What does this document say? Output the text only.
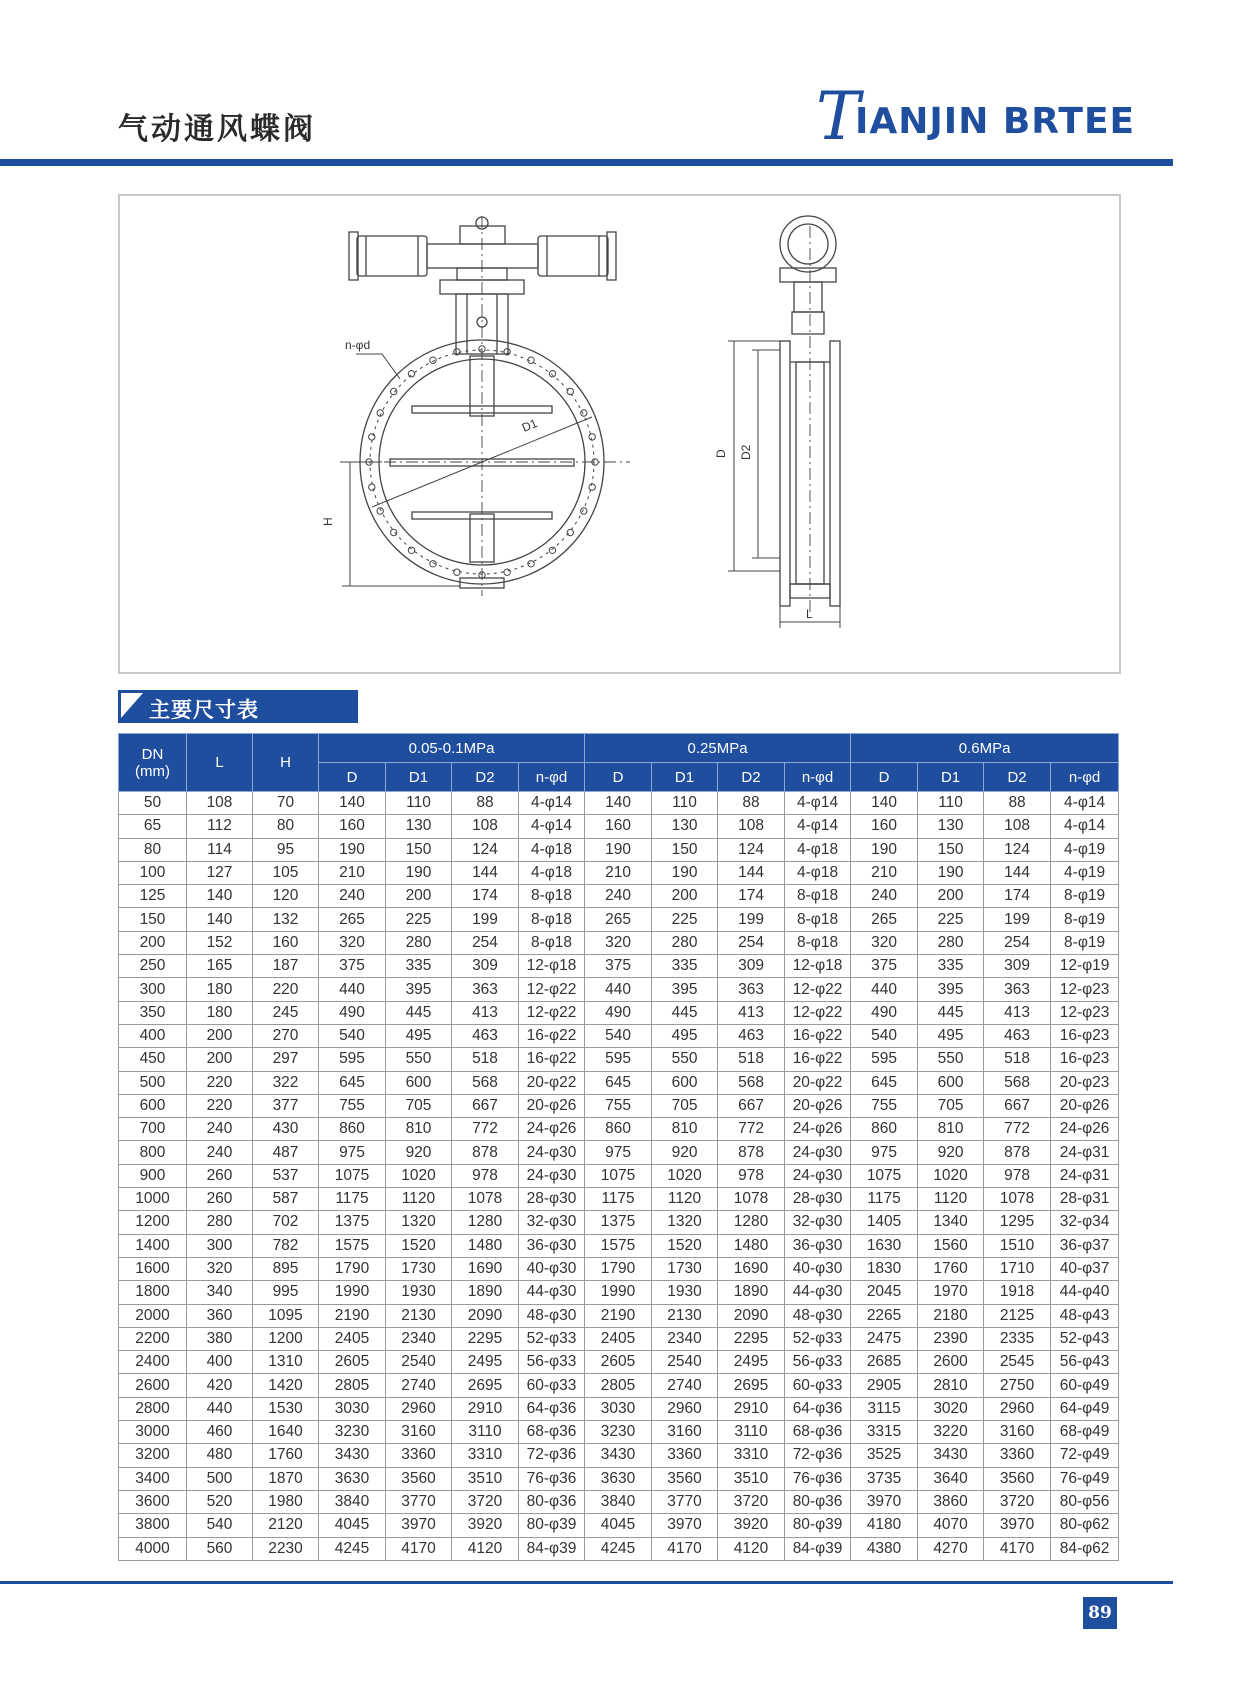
气动通风蝶阀	TIANJIN BRTEE
n-φd
D1
H
D D2
L
主要尺寸表
DN
(mm)	L	H	0.05-0.1MPa				0.25MPa				0.6MPa			
			D	D1	D2	n-φd	D	D1	D2	n-φd	D	D1	D2	n-φd
50	108	70	140	110	88	4-φ14	140	110	88	4-φ14	140	110	88	4-φ14
65	112	80	160	130	108	4-φ14	160	130	108	4-φ14	160	130	108	4-φ14
80	114	95	190	150	124	4-φ18	190	150	124	4-φ18	190	150	124	4-φ19
100	127	105	210	190	144	4-φ18	210	190	144	4-φ18	210	190	144	4-φ19
125	140	120	240	200	174	8-φ18	240	200	174	8-φ18	240	200	174	8-φ19
150	140	132	265	225	199	8-φ18	265	225	199	8-φ18	265	225	199	8-φ19
200	152	160	320	280	254	8-φ18	320	280	254	8-φ18	320	280	254	8-φ19
250	165	187	375	335	309	12-φ18	375	335	309	12-φ18	375	335	309	12-φ19
300	180	220	440	395	363	12-φ22	440	395	363	12-φ22	440	395	363	12-φ23
350	180	245	490	445	413	12-φ22	490	445	413	12-φ22	490	445	413	12-φ23
400	200	270	540	495	463	16-φ22	540	495	463	16-φ22	540	495	463	16-φ23
450	200	297	595	550	518	16-φ22	595	550	518	16-φ22	595	550	518	16-φ23
500	220	322	645	600	568	20-φ22	645	600	568	20-φ22	645	600	568	20-φ23
600	220	377	755	705	667	20-φ26	755	705	667	20-φ26	755	705	667	20-φ26
700	240	430	860	810	772	24-φ26	860	810	772	24-φ26	860	810	772	24-φ26
800	240	487	975	920	878	24-φ30	975	920	878	24-φ30	975	920	878	24-φ31
900	260	537	1075	1020	978	24-φ30	1075	1020	978	24-φ30	1075	1020	978	24-φ31
1000	260	587	1175	1120	1078	28-φ30	1175	1120	1078	28-φ30	1175	1120	1078	28-φ31
1200	280	702	1375	1320	1280	32-φ30	1375	1320	1280	32-φ30	1405	1340	1295	32-φ34
1400	300	782	1575	1520	1480	36-φ30	1575	1520	1480	36-φ30	1630	1560	1510	36-φ37
1600	320	895	1790	1730	1690	40-φ30	1790	1730	1690	40-φ30	1830	1760	1710	40-φ37
1800	340	995	1990	1930	1890	44-φ30	1990	1930	1890	44-φ30	2045	1970	1918	44-φ40
2000	360	1095	2190	2130	2090	48-φ30	2190	2130	2090	48-φ30	2265	2180	2125	48-φ43
2200	380	1200	2405	2340	2295	52-φ33	2405	2340	2295	52-φ33	2475	2390	2335	52-φ43
2400	400	1310	2605	2540	2495	56-φ33	2605	2540	2495	56-φ33	2685	2600	2545	56-φ43
2600	420	1420	2805	2740	2695	60-φ33	2805	2740	2695	60-φ33	2905	2810	2750	60-φ49
2800	440	1530	3030	2960	2910	64-φ36	3030	2960	2910	64-φ36	3115	3020	2960	64-φ49
3000	460	1640	3230	3160	3110	68-φ36	3230	3160	3110	68-φ36	3315	3220	3160	68-φ49
3200	480	1760	3430	3360	3310	72-φ36	3430	3360	3310	72-φ36	3525	3430	3360	72-φ49
3400	500	1870	3630	3560	3510	76-φ36	3630	3560	3510	76-φ36	3735	3640	3560	76-φ49
3600	520	1980	3840	3770	3720	80-φ36	3840	3770	3720	80-φ36	3970	3860	3720	80-φ56
3800	540	2120	4045	3970	3920	80-φ39	4045	3970	3920	80-φ39	4180	4070	3970	80-φ62
4000	560	2230	4245	4170	4120	84-φ39	4245	4170	4120	84-φ39	4380	4270	4170	84-φ62
89
